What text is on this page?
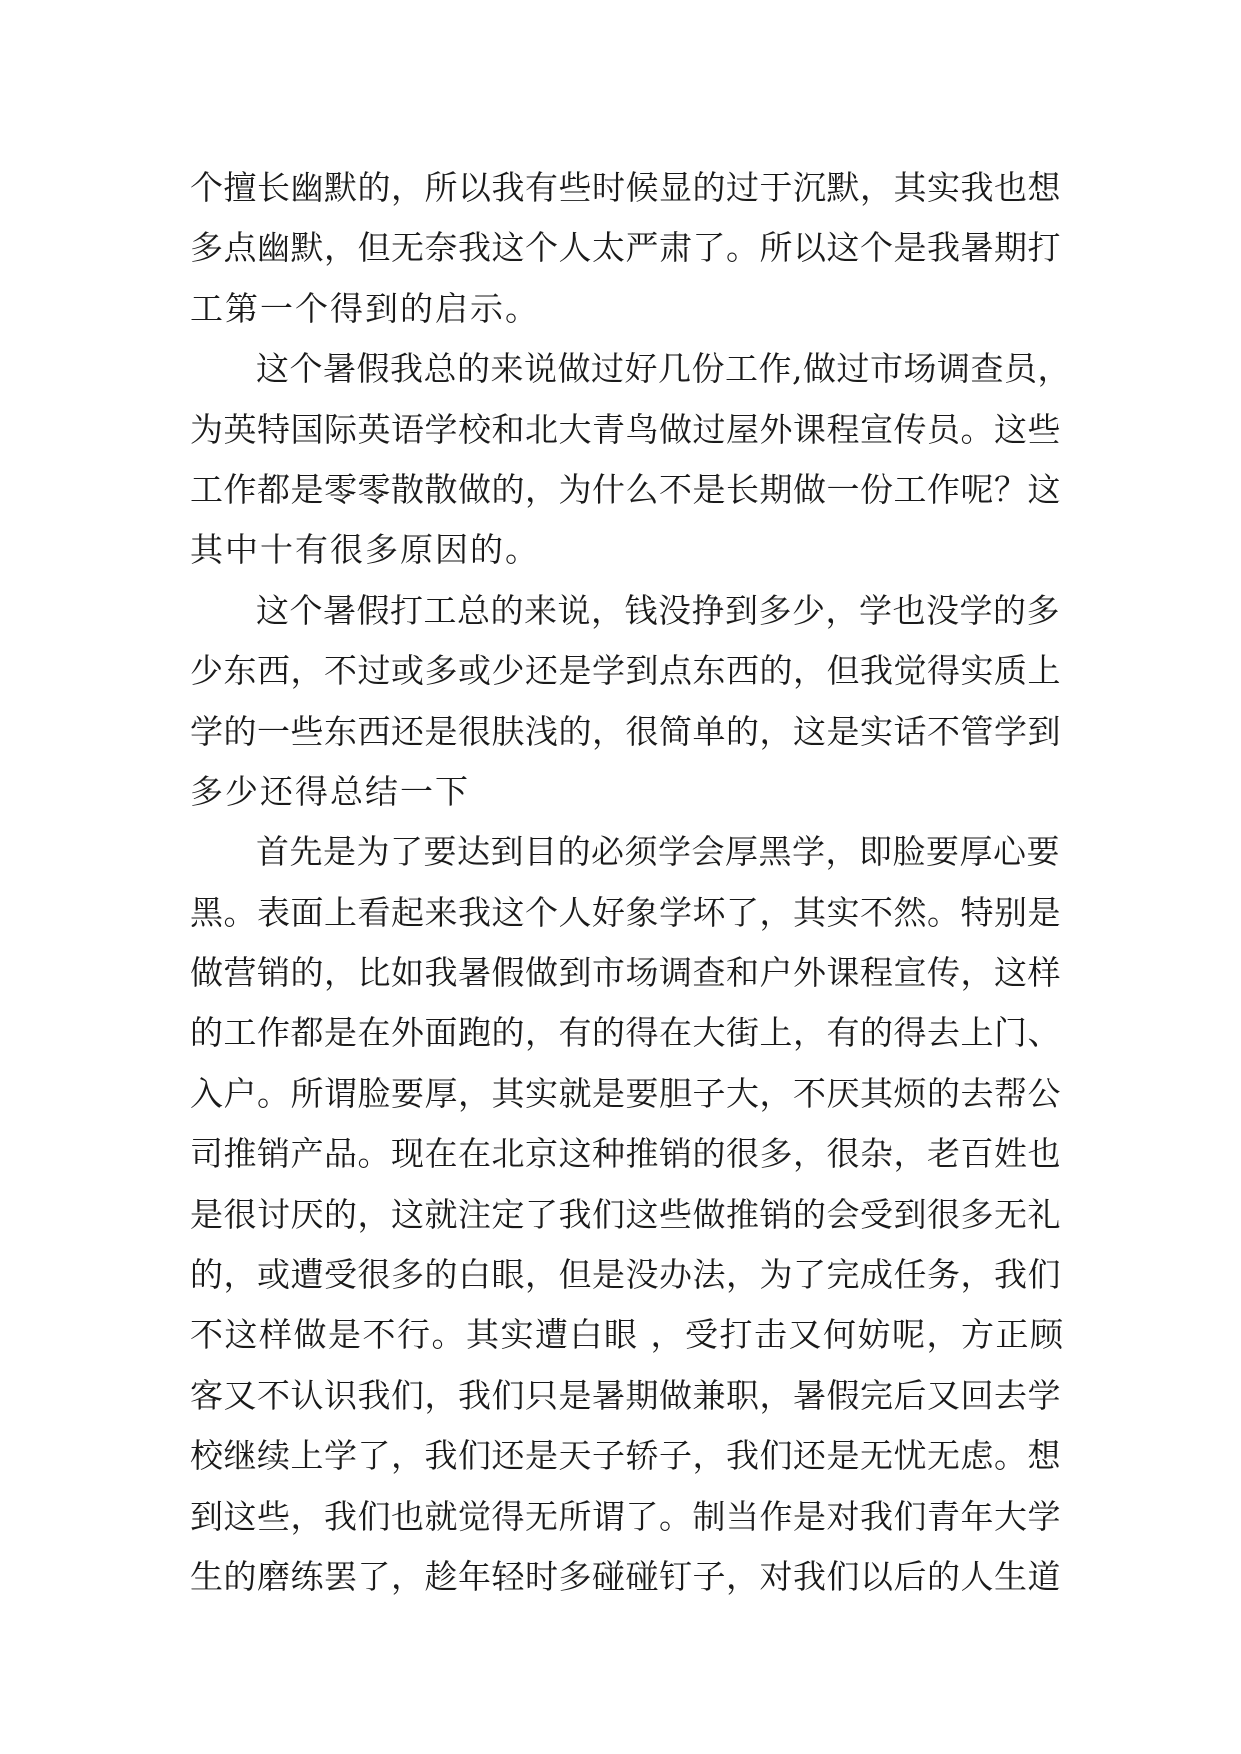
个擅长幽默的，所以我有些时候显的过于沉默，其实我也想
多点幽默，但无奈我这个人太严肃了。所以这个是我暑期打
工第一个得到的启示。
这个暑假我总的来说做过好几份工作,做过市场调查员，
为英特国际英语学校和北大青鸟做过屋外课程宣传员。这些
工作都是零零散散做的，为什么不是长期做一份工作呢？这
其中十有很多原因的。
这个暑假打工总的来说，钱没挣到多少，学也没学的多
少东西，不过或多或少还是学到点东西的，但我觉得实质上
学的一些东西还是很肤浅的，很简单的，这是实话不管学到
多少还得总结一下
首先是为了要达到目的必须学会厚黑学，即脸要厚心要
黑。表面上看起来我这个人好象学坏了，其实不然。特别是
做营销的，比如我暑假做到市场调查和户外课程宣传，这样
的工作都是在外面跑的，有的得在大街上，有的得去上门、
入户。所谓脸要厚，其实就是要胆子大，不厌其烦的去帮公
司推销产品。现在在北京这种推销的很多，很杂，老百姓也
是很讨厌的，这就注定了我们这些做推销的会受到很多无礼
的，或遭受很多的白眼，但是没办法，为了完成任务，我们
不这样做是不行。其实遭白眼 ，受打击又何妨呢，方正顾
客又不认识我们，我们只是暑期做兼职，暑假完后又回去学
校继续上学了，我们还是天子轿子，我们还是无忧无虑。想
到这些，我们也就觉得无所谓了。制当作是对我们青年大学
生的磨练罢了，趁年轻时多碰碰钉子，对我们以后的人生道
